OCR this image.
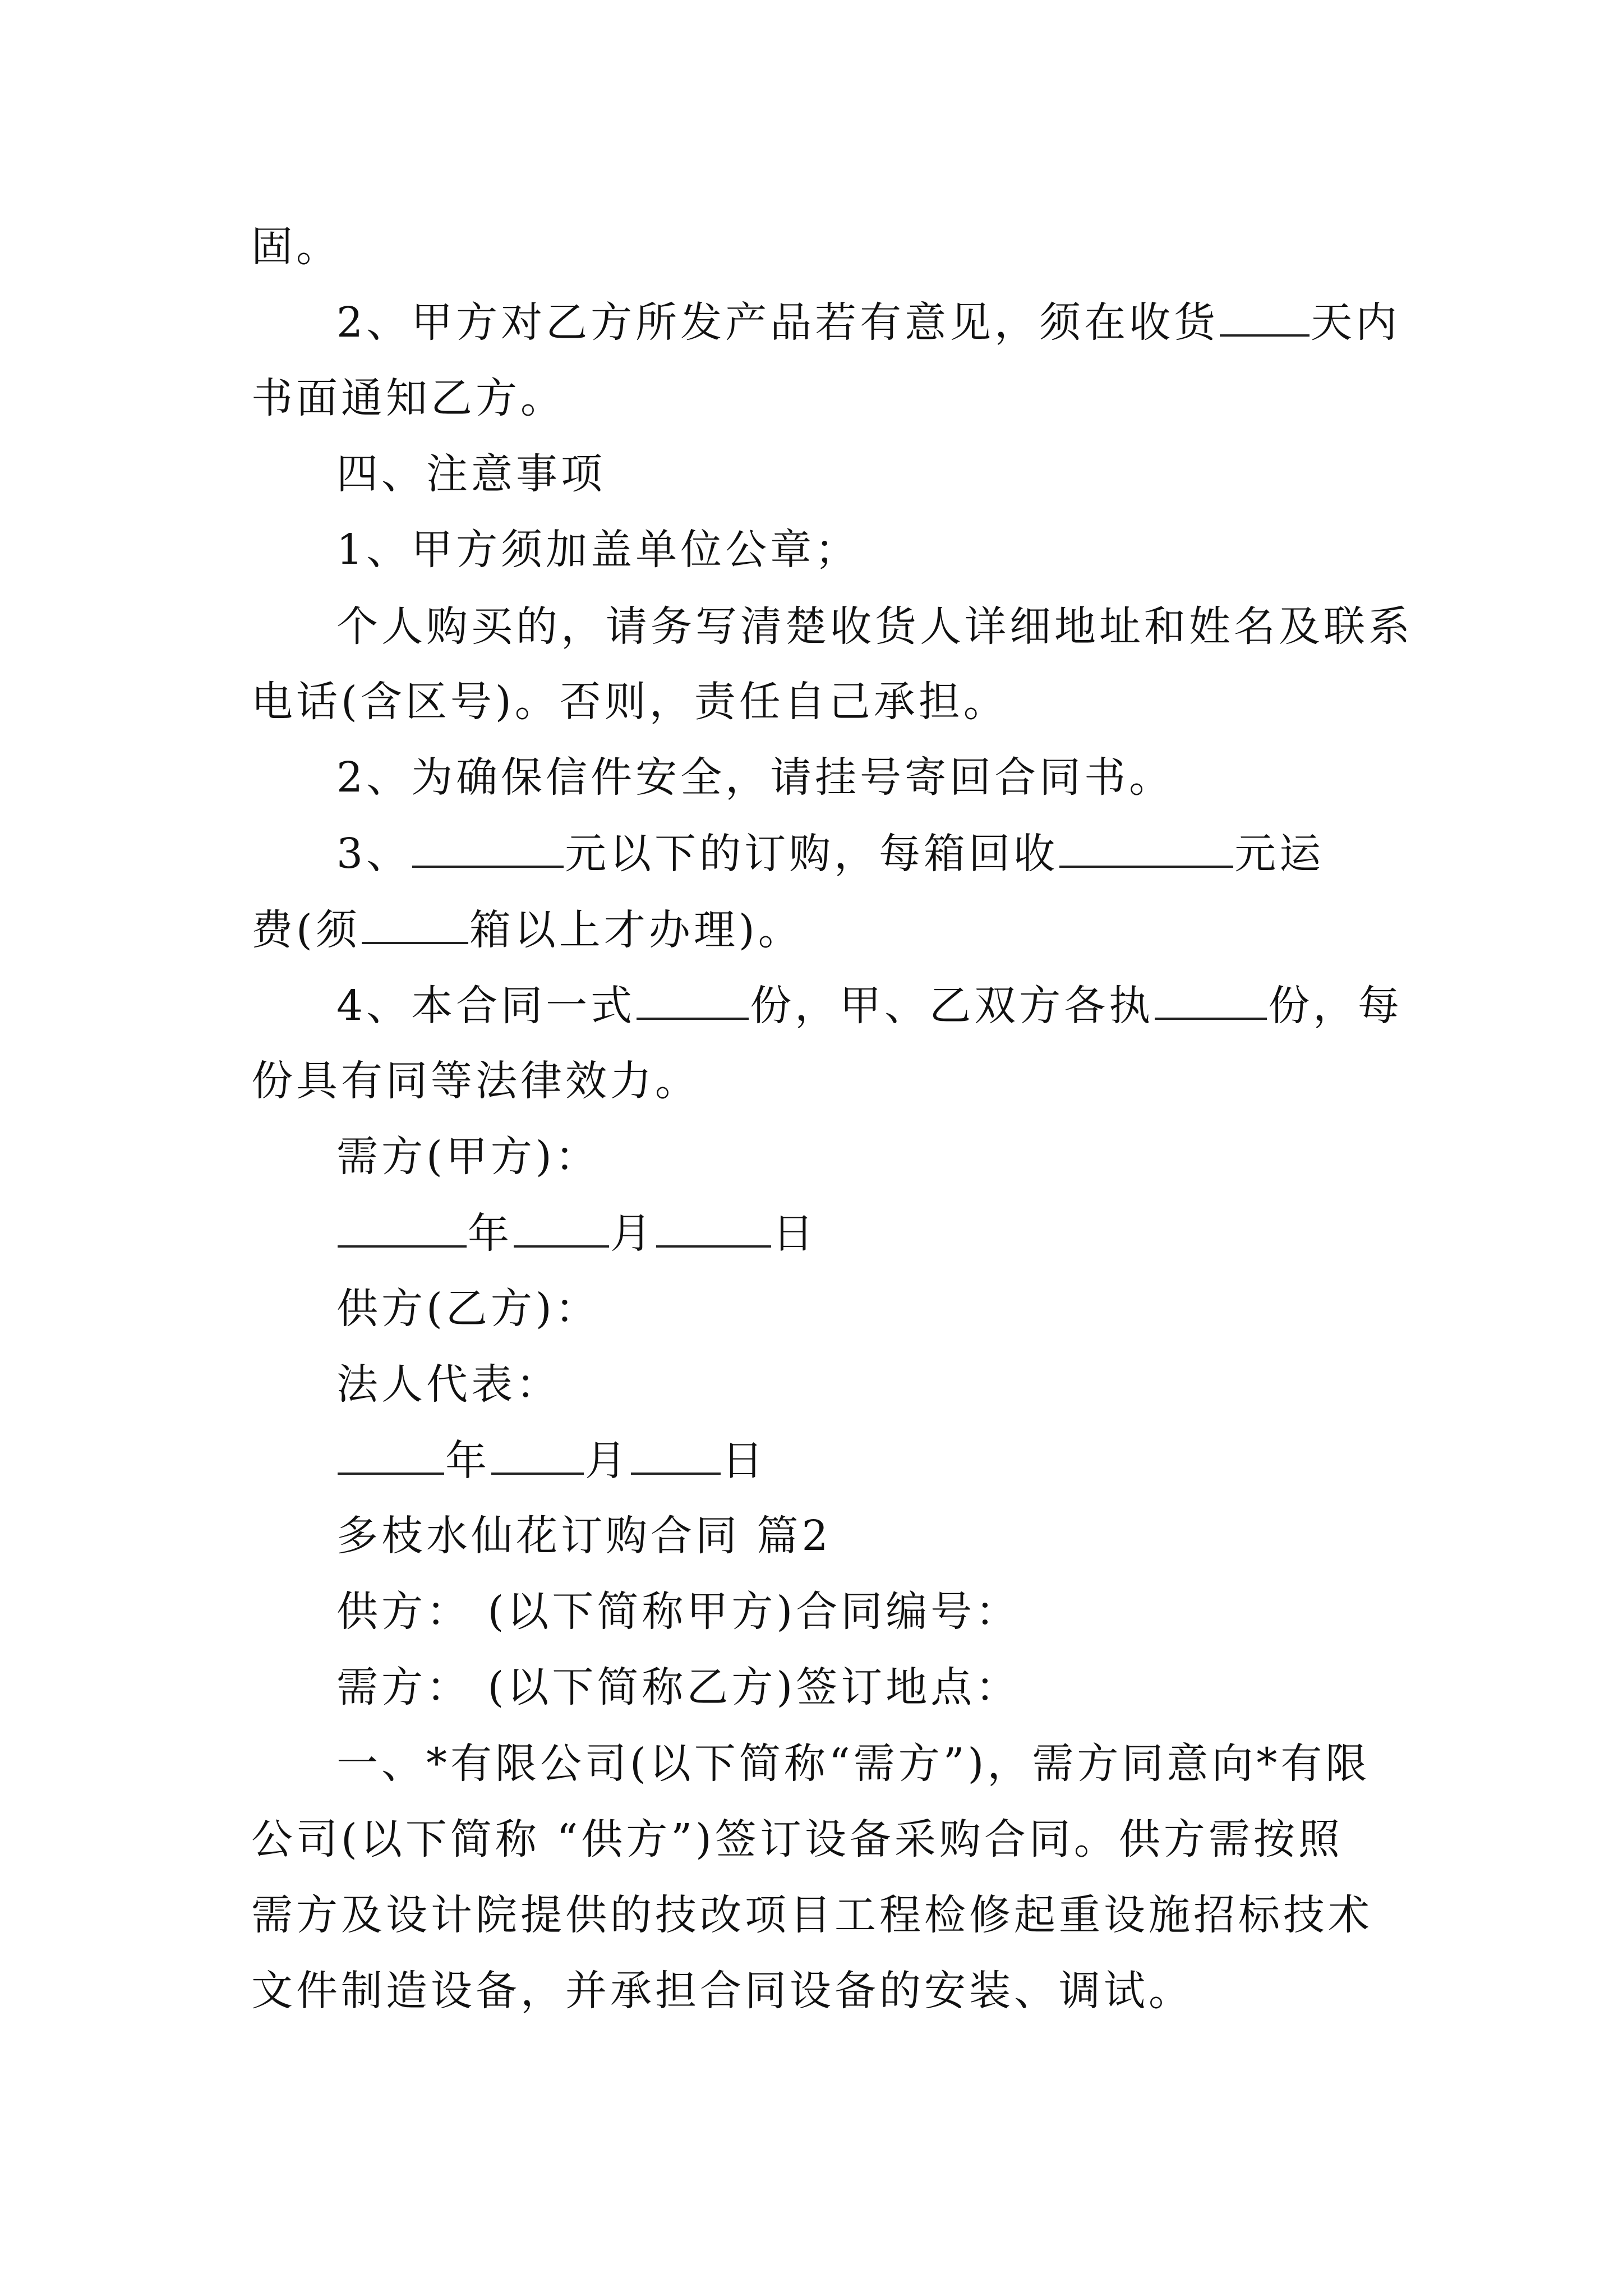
固。
2、甲方对乙方所发产品若有意见，须在收货 天内
书面通知乙方。
四、注意事项
1、甲方须加盖单位公章；
个人购买的，请务写清楚收货人详细地址和姓名及联系
电话(含区号)。否则，责任自己承担。
2、为确保信件安全，请挂号寄回合同书。
3、	元以下的订购，每箱回收	元运
费(须	箱以上才办理)。
4、本合同一式	份，甲、乙双方各执	份，每
份具有同等法律效力。
需方(甲方)：
年 月	日
供方(乙方)：
法人代表：
年 月 日
多枝水仙花订购合同 篇2
供方： (以下简称甲方)合同编号：
需方： (以下简称乙方)签订地点：
一、*有限公司(以下简称“需方”)，需方同意向*有限
公司(以下简称 “供方”)签订设备采购合同。供方需按照
需方及设计院提供的技改项目工程检修起重设施招标技术
文件制造设备，并承担合同设备的安装、调试。
